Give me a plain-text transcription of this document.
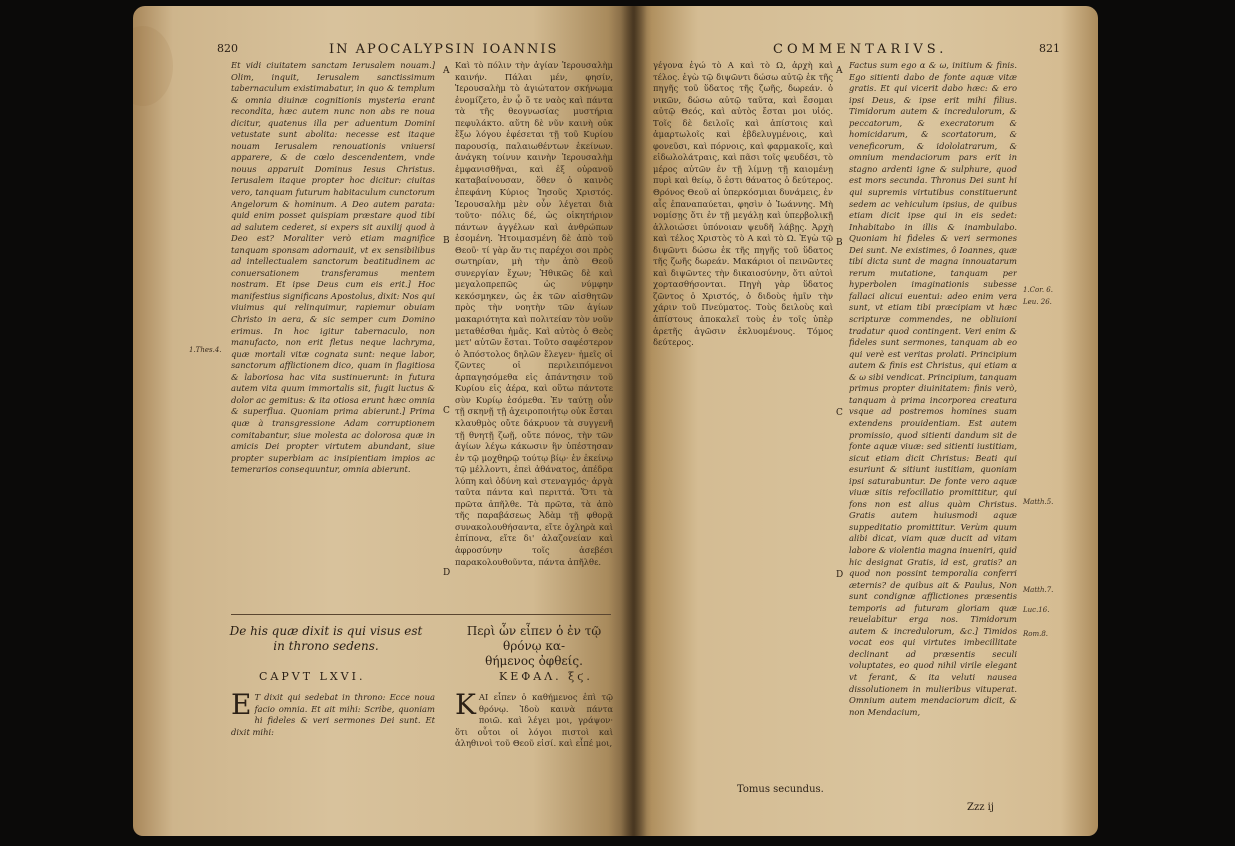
820	IN APOCALYPSIN IOANNIS

Et vidi ciuitatem sanctam Ierusalem nouam.] Olim, inquit, Ierusalem sanctissimum tabernaculum existimabatur, in quo & templum & omnia diuinæ cognitionis mysteria erant recondita, hæc autem nunc non abs re noua dicitur, quatenus illa per aduentum Domini vetustate sunt abolita: necesse est itaque nouam Ierusalem renouationis vniuersi apparere, & de cœlo descendentem, vnde nouus apparuit Dominus Iesus Christus. Ierusalem itaque propter hoc dicitur: ciuitas vero, tanquam futurum habitaculum cunctorum Angelorum & hominum. A Deo autem parata: quid enim posset quispiam præstare quod tibi ad salutem cederet, si expers sit auxilij quod à Deo est? Moraliter verò etiam magnifice tanquam sponsam adornauit, vt ex sensibilibus ad intellectualem sanctorum beatitudinem ac conuersationem transferamus mentem nostram. Et ipse Deus cum eis erit.] Hoc manifestius significans Apostolus, dixit: Nos qui viuimus qui relinquimur, rapiemur obuiam Christo in aera, & sic semper cum Domino erimus. In hoc igitur tabernaculo, non manufacto, non erit fletus neque lachryma, quæ mortali vitæ cognata sunt: neque labor, sanctorum afflictionem dico, quam in flagitiosa & laboriosa hac vita sustinuerunt: in futura autem vita quum immortalis sit, fugit luctus & dolor ac gemitus: & ita otiosa erunt hæc omnia & superflua. Quoniam prima abierunt.] Prima quæ à transgressione Adam corruptionem comitabantur, siue molesta ac dolorosa quæ in amicis Dei propter virtutem abundant, siue propter superbiam ac insipientiam impios ac temerarios consequuntur, omnia abierunt.

1.Thes.4.
A
B
C
D

Καὶ τὸ πόλιν τὴν ἁγίαν Ἱερουσαλὴμ καινήν. Πάλαι μέν, φησίν, Ἱερουσαλὴμ τὸ ἁγιώτατον σκήνωμα ἐνομίζετο, ἐν ᾧ ὅ τε ναὸς καὶ πάντα τὰ τῆς θεογνωσίας μυστήρια πεφυλάκτο. αὕτη δὲ νῦν καινὴ οὐκ ἔξω λόγου ἐφέσεται τῇ τοῦ Κυρίου παρουσίᾳ, παλαιωθέντων ἐκείνων. ἀνάγκη τοίνυν καινὴν Ἱερουσαλὴμ ἐμφανισθῆναι, καὶ ἐξ οὐρανοῦ καταβαίνουσαν, ὅθεν ὁ καινὸς ἐπεφάνη Κύριος Ἰησοῦς Χριστός. Ἱερουσαλὴμ μὲν οὖν λέγεται διὰ τοῦτο· πόλις δέ, ὡς οἰκητήριον πάντων ἀγγέλων καὶ ἀνθρώπων ἐσομένη. Ἡτοιμασμένη δὲ ἀπὸ τοῦ Θεοῦ· τί γὰρ ἄν τις παρέχοι σοι πρὸς σωτηρίαν, μὴ τὴν ἀπὸ Θεοῦ συνεργίαν ἔχων; Ἠθικῶς δὲ καὶ μεγαλοπρεπῶς ὡς νύμφην κεκόσμηκεν, ὡς ἐκ τῶν αἰσθητῶν πρὸς τὴν νοητὴν τῶν ἁγίων μακαριότητα καὶ πολιτείαν τὸν νοῦν μεταθέσθαι ἡμᾶς. Καὶ αὐτὸς ὁ Θεὸς μετ' αὐτῶν ἔσται. Τοῦτο σαφέστερον ὁ Ἀπόστολος δηλῶν ἔλεγεν· ἡμεῖς οἱ ζῶντες οἱ περιλειπόμενοι ἁρπαγησόμεθα εἰς ἀπάντησιν τοῦ Κυρίου εἰς ἀέρα, καὶ οὕτω πάντοτε σὺν Κυρίῳ ἐσόμεθα. Ἐν ταύτῃ οὖν τῇ σκηνῇ τῇ ἀχειροποιήτῳ οὐκ ἔσται κλαυθμὸς οὔτε δάκρυον τὰ συγγενῆ τῇ θνητῇ ζωῇ, οὔτε πόνος, τὴν τῶν ἁγίων λέγω κάκωσιν ἣν ὑπέστησαν ἐν τῷ μοχθηρῷ τούτῳ βίῳ· ἐν ἐκείνῳ τῷ μέλλοντι, ἐπεὶ ἀθάνατος, ἀπέδρα λύπη καὶ ὀδύνη καὶ στεναγμός· ἀργὰ ταῦτα πάντα καὶ περιττά. Ὅτι τὰ πρῶτα ἀπῆλθε. Τὰ πρῶτα, τὰ ἀπὸ τῆς παραβάσεως Ἀδὰμ τῇ φθορᾷ συνακολουθήσαντα, εἴτε ὀχληρὰ καὶ ἐπίπονα, εἴτε δι' ἀλαζονείαν καὶ ἀφροσύνην τοῖς ἀσεβέσι παρακολουθοῦντα, πάντα ἀπῆλθε.

De his quæ dixit is qui visus est
in throno sedens.
Περὶ ὧν εἶπεν ὁ ἐν τῷ θρόνῳ κα-
θήμενος ὀφθείς.
CAPVT LXVI.	ΚΕΦΑΛ. ξϛ.
E T dixit qui sedebat in throno: Ecce noua facio omnia. Et ait mihi: Scribe, quoniam hi fideles & veri sermones Dei sunt. Et dixit mihi:
Κ ΑΙ εἶπεν ὁ καθήμενος ἐπὶ τῷ θρόνῳ. Ἰδοὺ καινὰ πάντα ποιῶ. καὶ λέγει μοι, γράψον· ὅτι οὗτοι οἱ λόγοι πιστοὶ καὶ ἀληθινοὶ τοῦ Θεοῦ εἰσί. καὶ εἶπέ μοι,
COMMENTARIVS.	821

γέγονα ἐγώ τὸ Α καὶ τὸ Ω, ἀρχὴ καὶ τέλος. ἐγὼ τῷ διψῶντι δώσω αὐτῷ ἐκ τῆς πηγῆς τοῦ ὕδατος τῆς ζωῆς, δωρεάν. ὁ νικῶν, δώσω αὐτῷ ταῦτα, καὶ ἔσομαι αὐτῷ Θεός, καὶ αὐτὸς ἔσται μοι υἱός. Τοῖς δὲ δειλοῖς καὶ ἀπίστοις καὶ ἁμαρτωλοῖς καὶ ἐβδελυγμένοις, καὶ φονεῦσι, καὶ πόρνοις, καὶ φαρμακοῖς, καὶ εἰδωλολάτραις, καὶ πᾶσι τοῖς ψευδέσι, τὸ μέρος αὐτῶν ἐν τῇ λίμνῃ τῇ καιομένῃ πυρὶ καὶ θείῳ, ὅ ἐστι θάνατος ὁ δεύτερος. Θρόνος Θεοῦ αἱ ὑπερκόσμιαι δυνάμεις, ἐν αἷς ἐπαναπαύεται, φησὶν ὁ Ἰωάννης. Μὴ νομίσῃς ὅτι ἐν τῇ μεγάλῃ καὶ ὑπερβολικῇ ἀλλοιώσει ὑπόνοιαν ψευδῆ λάβῃς. Ἀρχὴ καὶ τέλος Χριστὸς τὸ Α καὶ τὸ Ω. Ἐγὼ τῷ διψῶντι δώσω ἐκ τῆς πηγῆς τοῦ ὕδατος τῆς ζωῆς δωρεάν. Μακάριοι οἱ πεινῶντες καὶ διψῶντες τὴν δικαιοσύνην, ὅτι αὐτοὶ χορτασθήσονται. Πηγὴ γὰρ ὕδατος ζῶντος ὁ Χριστός, ὁ διδοὺς ἡμῖν τὴν χάριν τοῦ Πνεύματος. Τοὺς δειλοὺς καὶ ἀπίστους ἀποκαλεῖ τοὺς ἐν τοῖς ὑπὲρ ἀρετῆς ἀγῶσιν ἐκλυομένους. Τόμος δεύτερος.

A
B
C
D

Factus sum ego α & ω, initium & finis. Ego sitienti dabo de fonte aquæ vitæ gratis. Et qui vicerit dabo hæc: & ero ipsi Deus, & ipse erit mihi filius. Timidorum autem & incredulorum, & peccatorum, & execratorum & homicidarum, & scortatorum, & veneficorum, & idololatrarum, & omnium mendaciorum pars erit in stagno ardenti igne & sulphure, quod est mors secunda. Thronus Dei sunt hi qui supremis virtutibus constituerunt sedem ac vehiculum ipsius, de quibus etiam dicit ipse qui in eis sedet: Inhabitabo in illis & inambulabo. Quoniam hi fideles & veri sermones Dei sunt. Ne existimes, ô Ioannes, quæ tibi dicta sunt de magna innouatarum rerum mutatione, tanquam per hyperbolen imaginationis subesse fallaci alicui euentui: adeo enim vera sunt, vt etiam tibi præcipiam vt hæc scripturæ commendes, ne obliuioni tradatur quod contingent. Veri enim & fideles sunt sermones, tanquam ab eo qui verè est veritas prolati. Principium autem & finis est Christus, qui etiam α & ω sibi vendicat. Principium, tanquam primus propter diuinitatem: finis verò, tanquam à prima incorporea creatura vsque ad postremos homines suam extendens prouidentiam. Est autem promissio, quod sitienti dandum sit de fonte aquæ viuæ: sed sitienti iustitiam, sicut etiam dicit Christus: Beati qui esuriunt & sitiunt iustitiam, quoniam ipsi saturabuntur. De fonte vero aquæ viuæ sitis refocillatio promittitur, qui fons non est alius quàm Christus. Gratis autem huiusmodi aquæ suppeditatio promittitur. Verùm quum alibi dicat, viam quæ ducit ad vitam labore & violentia magna inueniri, quid hic designat Gratis, id est, gratis? an quod non possint temporalia conferri æternis? de quibus ait & Paulus, Non sunt condignæ afflictiones præsentis temporis ad futuram gloriam quæ reuelabitur erga nos. Timidorum autem & incredulorum, &c.] Timidos vocat eos qui virtutes imbecillitate declinant ad præsentis seculi voluptates, eo quod nihil virile elegant vt ferant, & ita veluti nausea dissolutionem in mulieribus vituperat. Omnium autem mendaciorum dicit, & non Mendacium,

1.Cor. 6.
Leu. 26.
Matth.5.
Matth.7.
Luc.16.
Rom.8.
Tomus secundus.
Zzz ij
